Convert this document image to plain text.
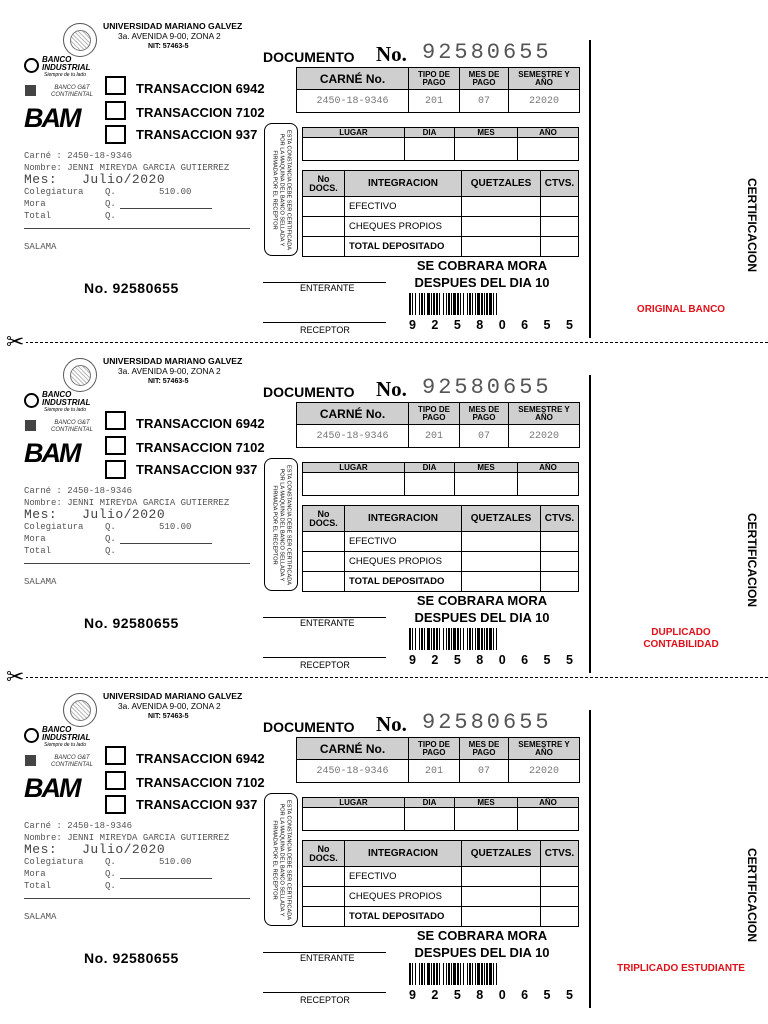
UNIVERSIDAD MARIANO GALVEZ
3a. AVENIDA 9-00, ZONA 2
NIT: 57463-5
BANCO INDUSTRIAL
Siempre de tu lado
BANCO G&T CONTINENTAL
BAM
TRANSACCION 6942
TRANSACCION 7102
TRANSACCION 937
Carné : 2450-18-9346
Nombre: JENNI MIREYDA GARCIA GUTIERREZ
Mes:   Julio/2020
Colegiatura    Q.        510.00
Mora           Q.
Total          Q.
SALAMA
No. 92580655
DOCUMENTO No. 92580655
CARNÉ No.	TIPO DE PAGO	MES DE PAGO	SEMESTRE Y AÑO
2450-18-9346	201	07	22020
ESTA CONSTANCIA DEBE SER CERTIFICADA POR LA MAQUINA DEL BANCO SELLADA Y FIRMADA POR EL RECEPTOR
LUGAR	DIA	MES	AÑO

No DOCS.	INTEGRACION	QUETZALES	CTVS.
	EFECTIVO		
	CHEQUES PROPIOS		
	TOTAL DEPOSITADO		
ENTERANTE
RECEPTOR
SE COBRARA MORA DESPUES DEL DIA 10
9 2 5 8 0 6 5 5
CERTIFICACION
ORIGINAL BANCO
✂
UNIVERSIDAD MARIANO GALVEZ
3a. AVENIDA 9-00, ZONA 2
NIT: 57463-5
BANCO INDUSTRIAL
Siempre de tu lado
BANCO G&T CONTINENTAL
BAM
TRANSACCION 6942
TRANSACCION 7102
TRANSACCION 937
Carné : 2450-18-9346
Nombre: JENNI MIREYDA GARCIA GUTIERREZ
Mes:   Julio/2020
Colegiatura    Q.        510.00
Mora           Q.
Total          Q.
SALAMA
No. 92580655
DOCUMENTO No. 92580655
CARNÉ No.	TIPO DE PAGO	MES DE PAGO	SEMESTRE Y AÑO
2450-18-9346	201	07	22020
ESTA CONSTANCIA DEBE SER CERTIFICADA POR LA MAQUINA DEL BANCO SELLADA Y FIRMADA POR EL RECEPTOR
LUGAR	DIA	MES	AÑO

No DOCS.	INTEGRACION	QUETZALES	CTVS.
	EFECTIVO		
	CHEQUES PROPIOS		
	TOTAL DEPOSITADO		
ENTERANTE
RECEPTOR
SE COBRARA MORA DESPUES DEL DIA 10
9 2 5 8 0 6 5 5
CERTIFICACION
DUPLICADO CONTABILIDAD
✂
UNIVERSIDAD MARIANO GALVEZ
3a. AVENIDA 9-00, ZONA 2
NIT: 57463-5
BANCO INDUSTRIAL
Siempre de tu lado
BANCO G&T CONTINENTAL
BAM
TRANSACCION 6942
TRANSACCION 7102
TRANSACCION 937
Carné : 2450-18-9346
Nombre: JENNI MIREYDA GARCIA GUTIERREZ
Mes:   Julio/2020
Colegiatura    Q.        510.00
Mora           Q.
Total          Q.
SALAMA
No. 92580655
DOCUMENTO No. 92580655
CARNÉ No.	TIPO DE PAGO	MES DE PAGO	SEMESTRE Y AÑO
2450-18-9346	201	07	22020
ESTA CONSTANCIA DEBE SER CERTIFICADA POR LA MAQUINA DEL BANCO SELLADA Y FIRMADA POR EL RECEPTOR
LUGAR	DIA	MES	AÑO

No DOCS.	INTEGRACION	QUETZALES	CTVS.
	EFECTIVO		
	CHEQUES PROPIOS		
	TOTAL DEPOSITADO		
ENTERANTE
RECEPTOR
SE COBRARA MORA DESPUES DEL DIA 10
9 2 5 8 0 6 5 5
CERTIFICACION
TRIPLICADO ESTUDIANTE
